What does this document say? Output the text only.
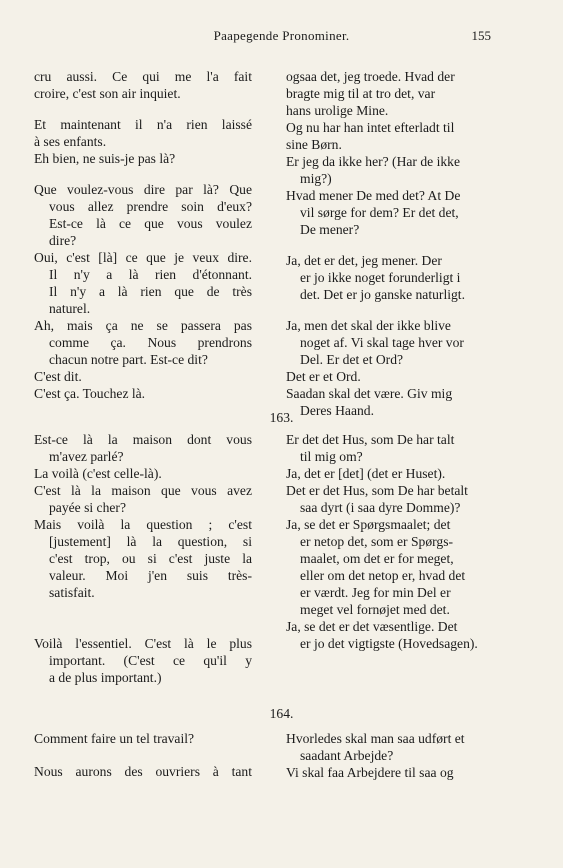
Paapegende Pronominer.	155

cru aussi. Ce qui me l'a fait
croire, c'est son air inquiet.

Et maintenant il n'a rien laissé
à ses enfants.

Eh bien, ne suis-je pas là?

Que voulez-vous dire par là? Que
vous allez prendre soin d'eux?
Est-ce là ce que vous voulez
dire?

Oui, c'est [là] ce que je veux dire.
Il n'y a là rien d'étonnant.
Il n'y a là rien que de très
naturel.

Ah, mais ça ne se passera pas
comme ça. Nous prendrons
chacun notre part. Est-ce dit?

C'est dit.

C'est ça. Touchez là.

ogsaa det, jeg troede. Hvad der
bragte mig til at tro det, var
hans urolige Mine.

Og nu har han intet efterladt til
sine Børn.

Er jeg da ikke her? (Har de ikke
mig?)

Hvad mener De med det? At De
vil sørge for dem? Er det det,
De mener?

Ja, det er det, jeg mener. Der
er jo ikke noget forunderligt i
det. Det er jo ganske naturligt.

Ja, men det skal der ikke blive
noget af. Vi skal tage hver vor
Del. Er det et Ord?

Det er et Ord.

Saadan skal det være. Giv mig
Deres Haand.

163.

Est-ce là la maison dont vous
m'avez parlé?

La voilà (c'est celle-là).

C'est là la maison que vous avez
payée si cher?

Mais voilà la question ; c'est
[justement] là la question, si
c'est trop, ou si c'est juste la
valeur. Moi j'en suis très-
satisfait.

Voilà l'essentiel. C'est là le plus
important. (C'est ce qu'il y
a de plus important.)

Er det det Hus, som De har talt
til mig om?

Ja, det er [det] (det er Huset).

Det er det Hus, som De har betalt
saa dyrt (i saa dyre Domme)?

Ja, se det er Spørgsmaalet; det
er netop det, som er Spørgs-
maalet, om det er for meget,
eller om det netop er, hvad det
er værdt. Jeg for min Del er
meget vel fornøjet med det.

Ja, se det er det væsentlige. Det
er jo det vigtigste (Hovedsagen).

164.

Comment faire un tel travail?

Nous aurons des ouvriers à tant

Hvorledes skal man saa udført et
saadant Arbejde?

Vi skal faa Arbejdere til saa og
